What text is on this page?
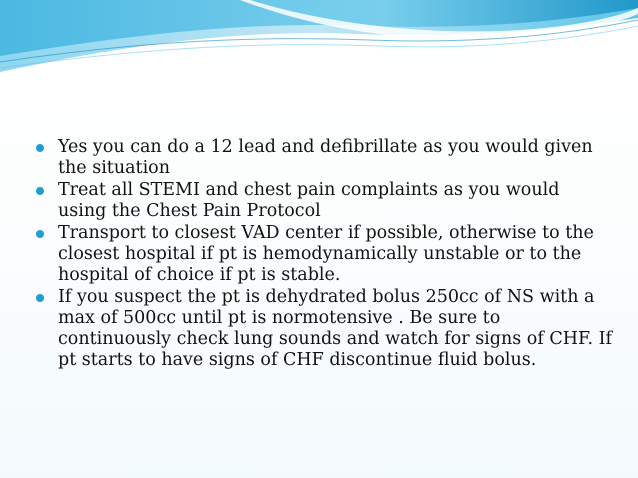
Yes you can do a 12 lead and defibrillate as you would given the situation
Treat all STEMI and chest pain complaints as you would using the Chest Pain Protocol
Transport to closest VAD center if possible, otherwise to the closest hospital if pt is hemodynamically unstable or to the hospital of choice if pt is stable.
If you suspect the pt is dehydrated bolus 250cc of NS with a max of 500cc until pt is normotensive . Be sure to continuously check lung sounds and watch for signs of CHF. If pt starts to have signs of CHF discontinue fluid bolus.
